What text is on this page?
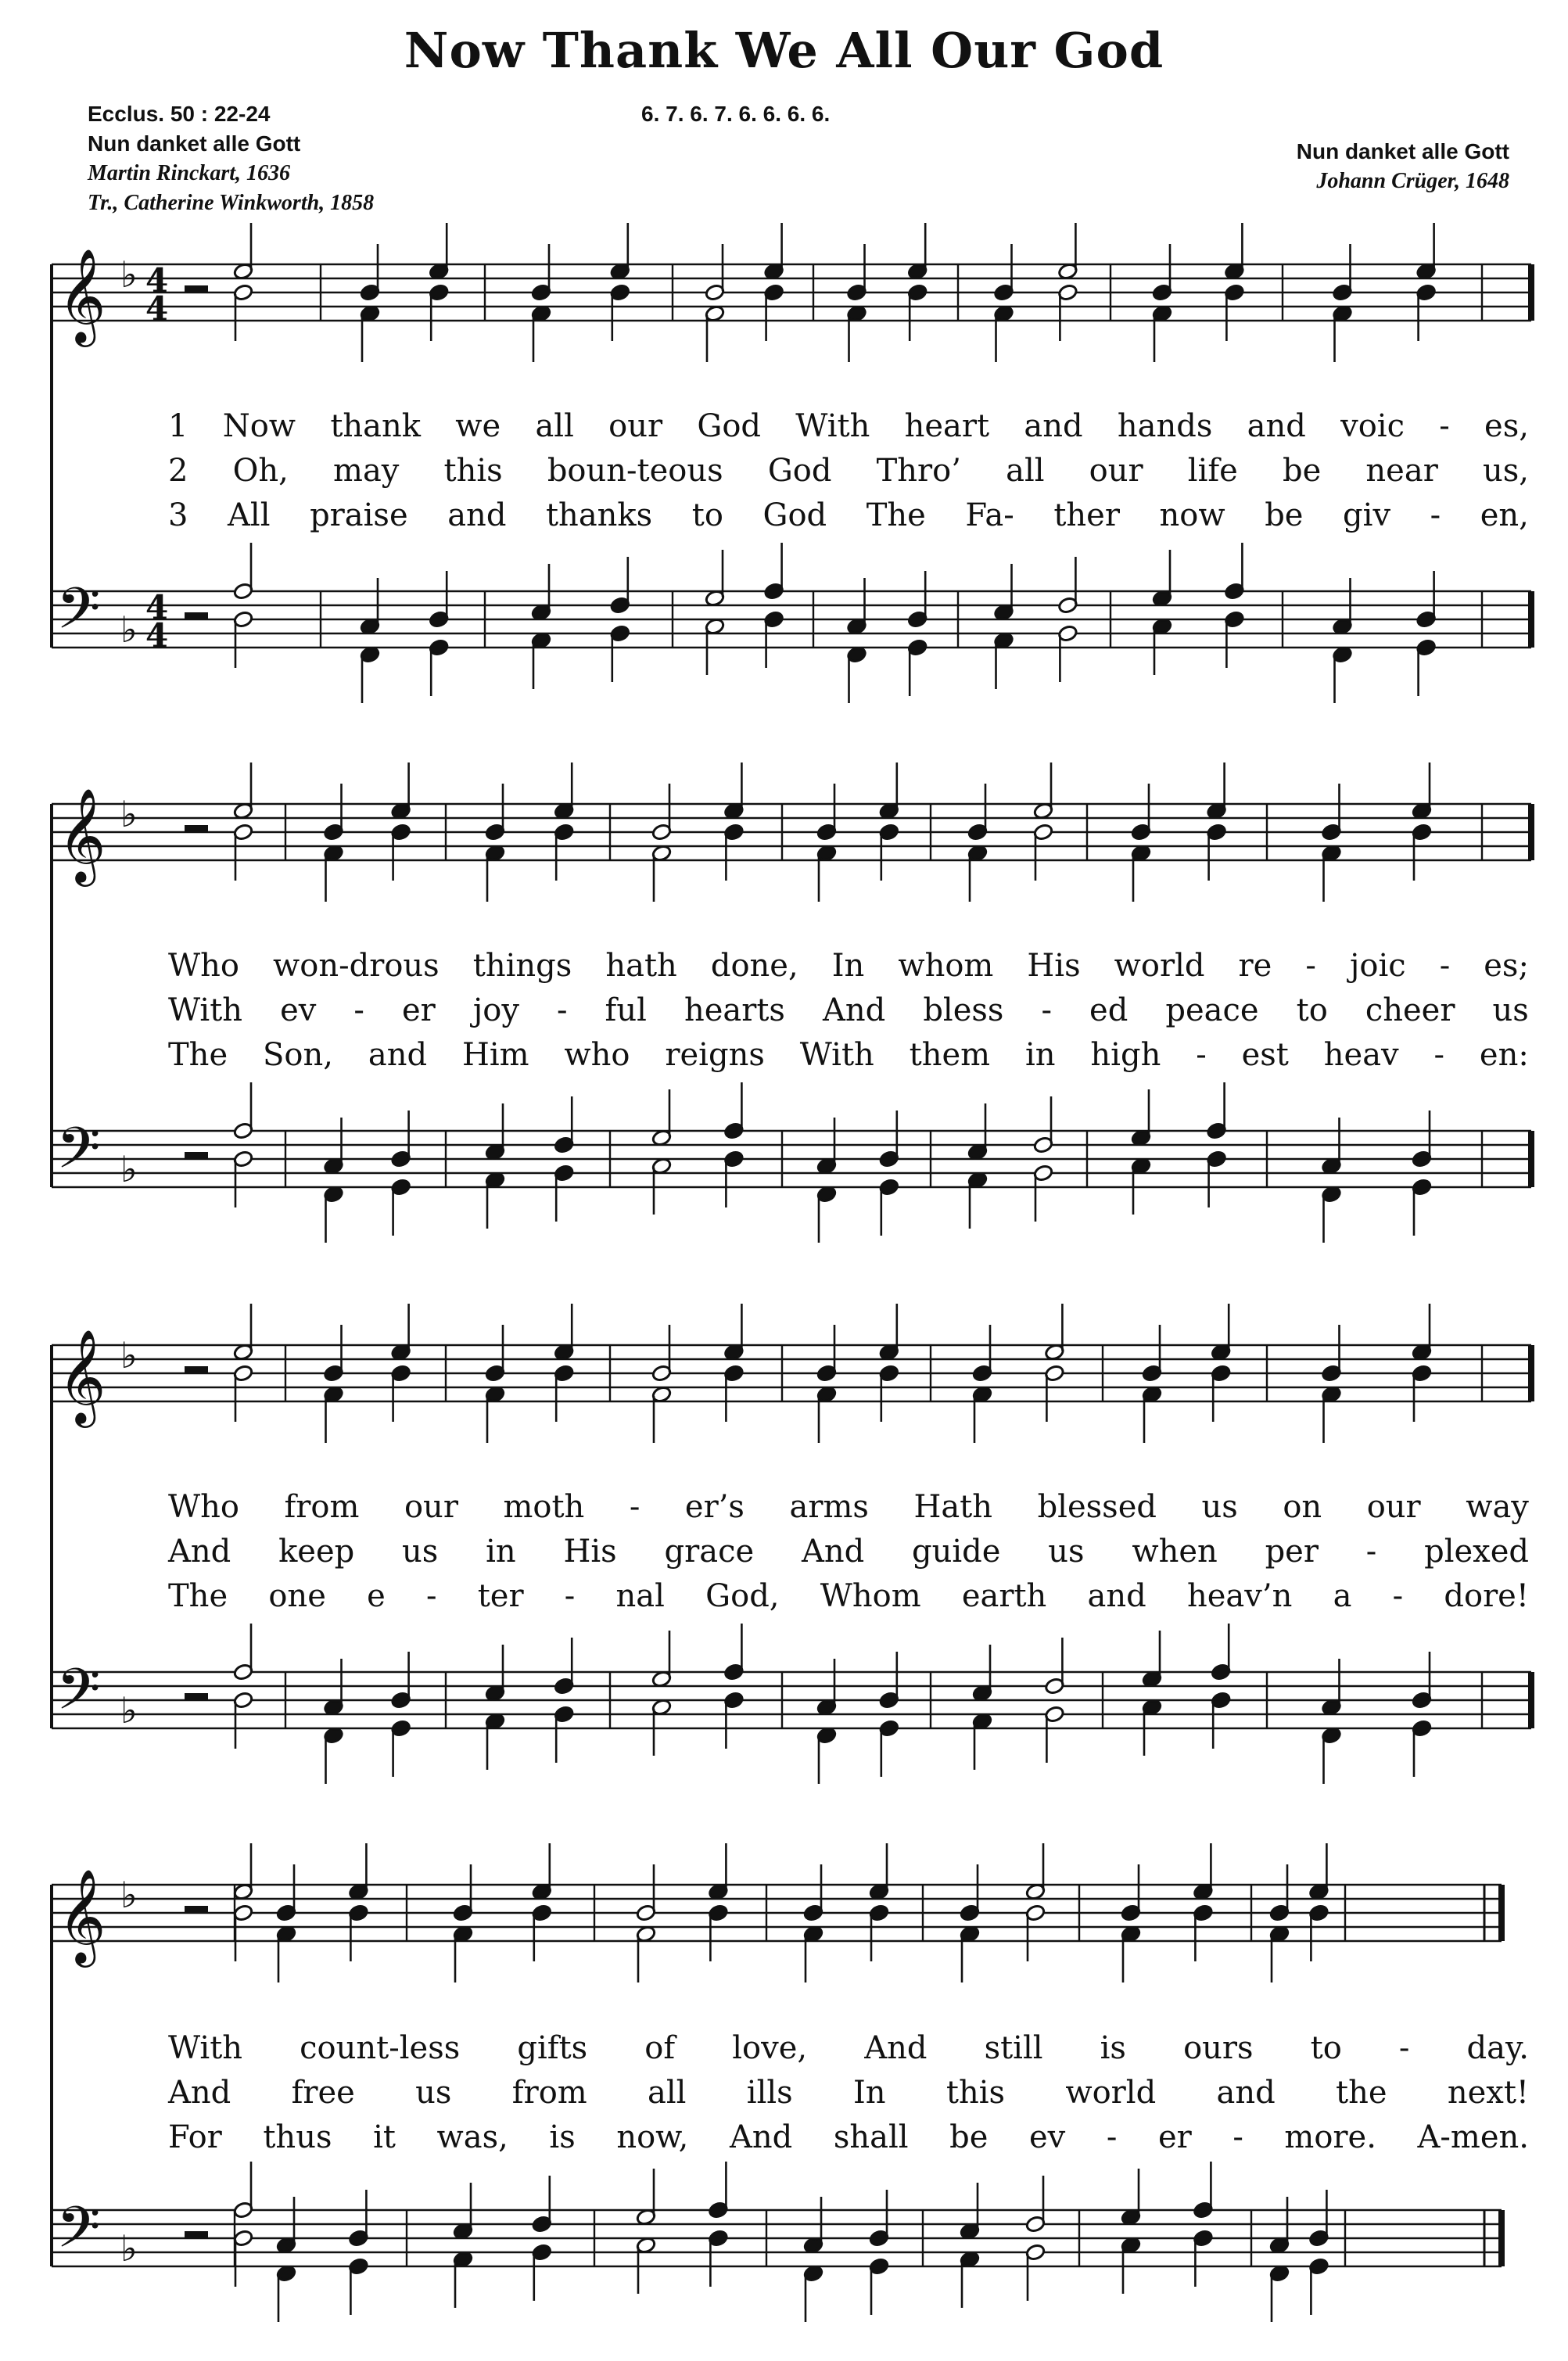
Now Thank We All Our God
Ecclus. 50 : 22-24
Nun danket alle Gott
Martin Rinckart, 1636
Tr., Catherine Winkworth, 1858
6. 7. 6. 7. 6. 6. 6. 6.
Nun danket alle Gott
Johann Crüger, 1648
𝄞
𝄢
♭
♭
4
4
4
4
𝄞
𝄢
♭
♭
𝄞
𝄢
♭
♭
𝄞
𝄢
♭
♭
1 Now thank we all our God With heart and hands and voic - es,
2 Oh, may this boun-teous God Thro’ all our life be near us,
3 All praise and thanks to God The Fa- ther now be giv - en,
Who won-drous things hath done, In whom His world re - joic - es;
With ev - er joy - ful hearts And bless - ed peace to cheer us
The Son, and Him who reigns With them in high - est heav - en:
Who from our moth - er’s arms Hath blessed us on our way
And keep us in His grace And guide us when per - plexed
The one e - ter - nal God, Whom earth and heav’n a - dore!
With count-less gifts of love, And still is ours to - day.
And free us from all ills In this world and the next!
For thus it was, is now, And shall be ev - er - more. A-men.
